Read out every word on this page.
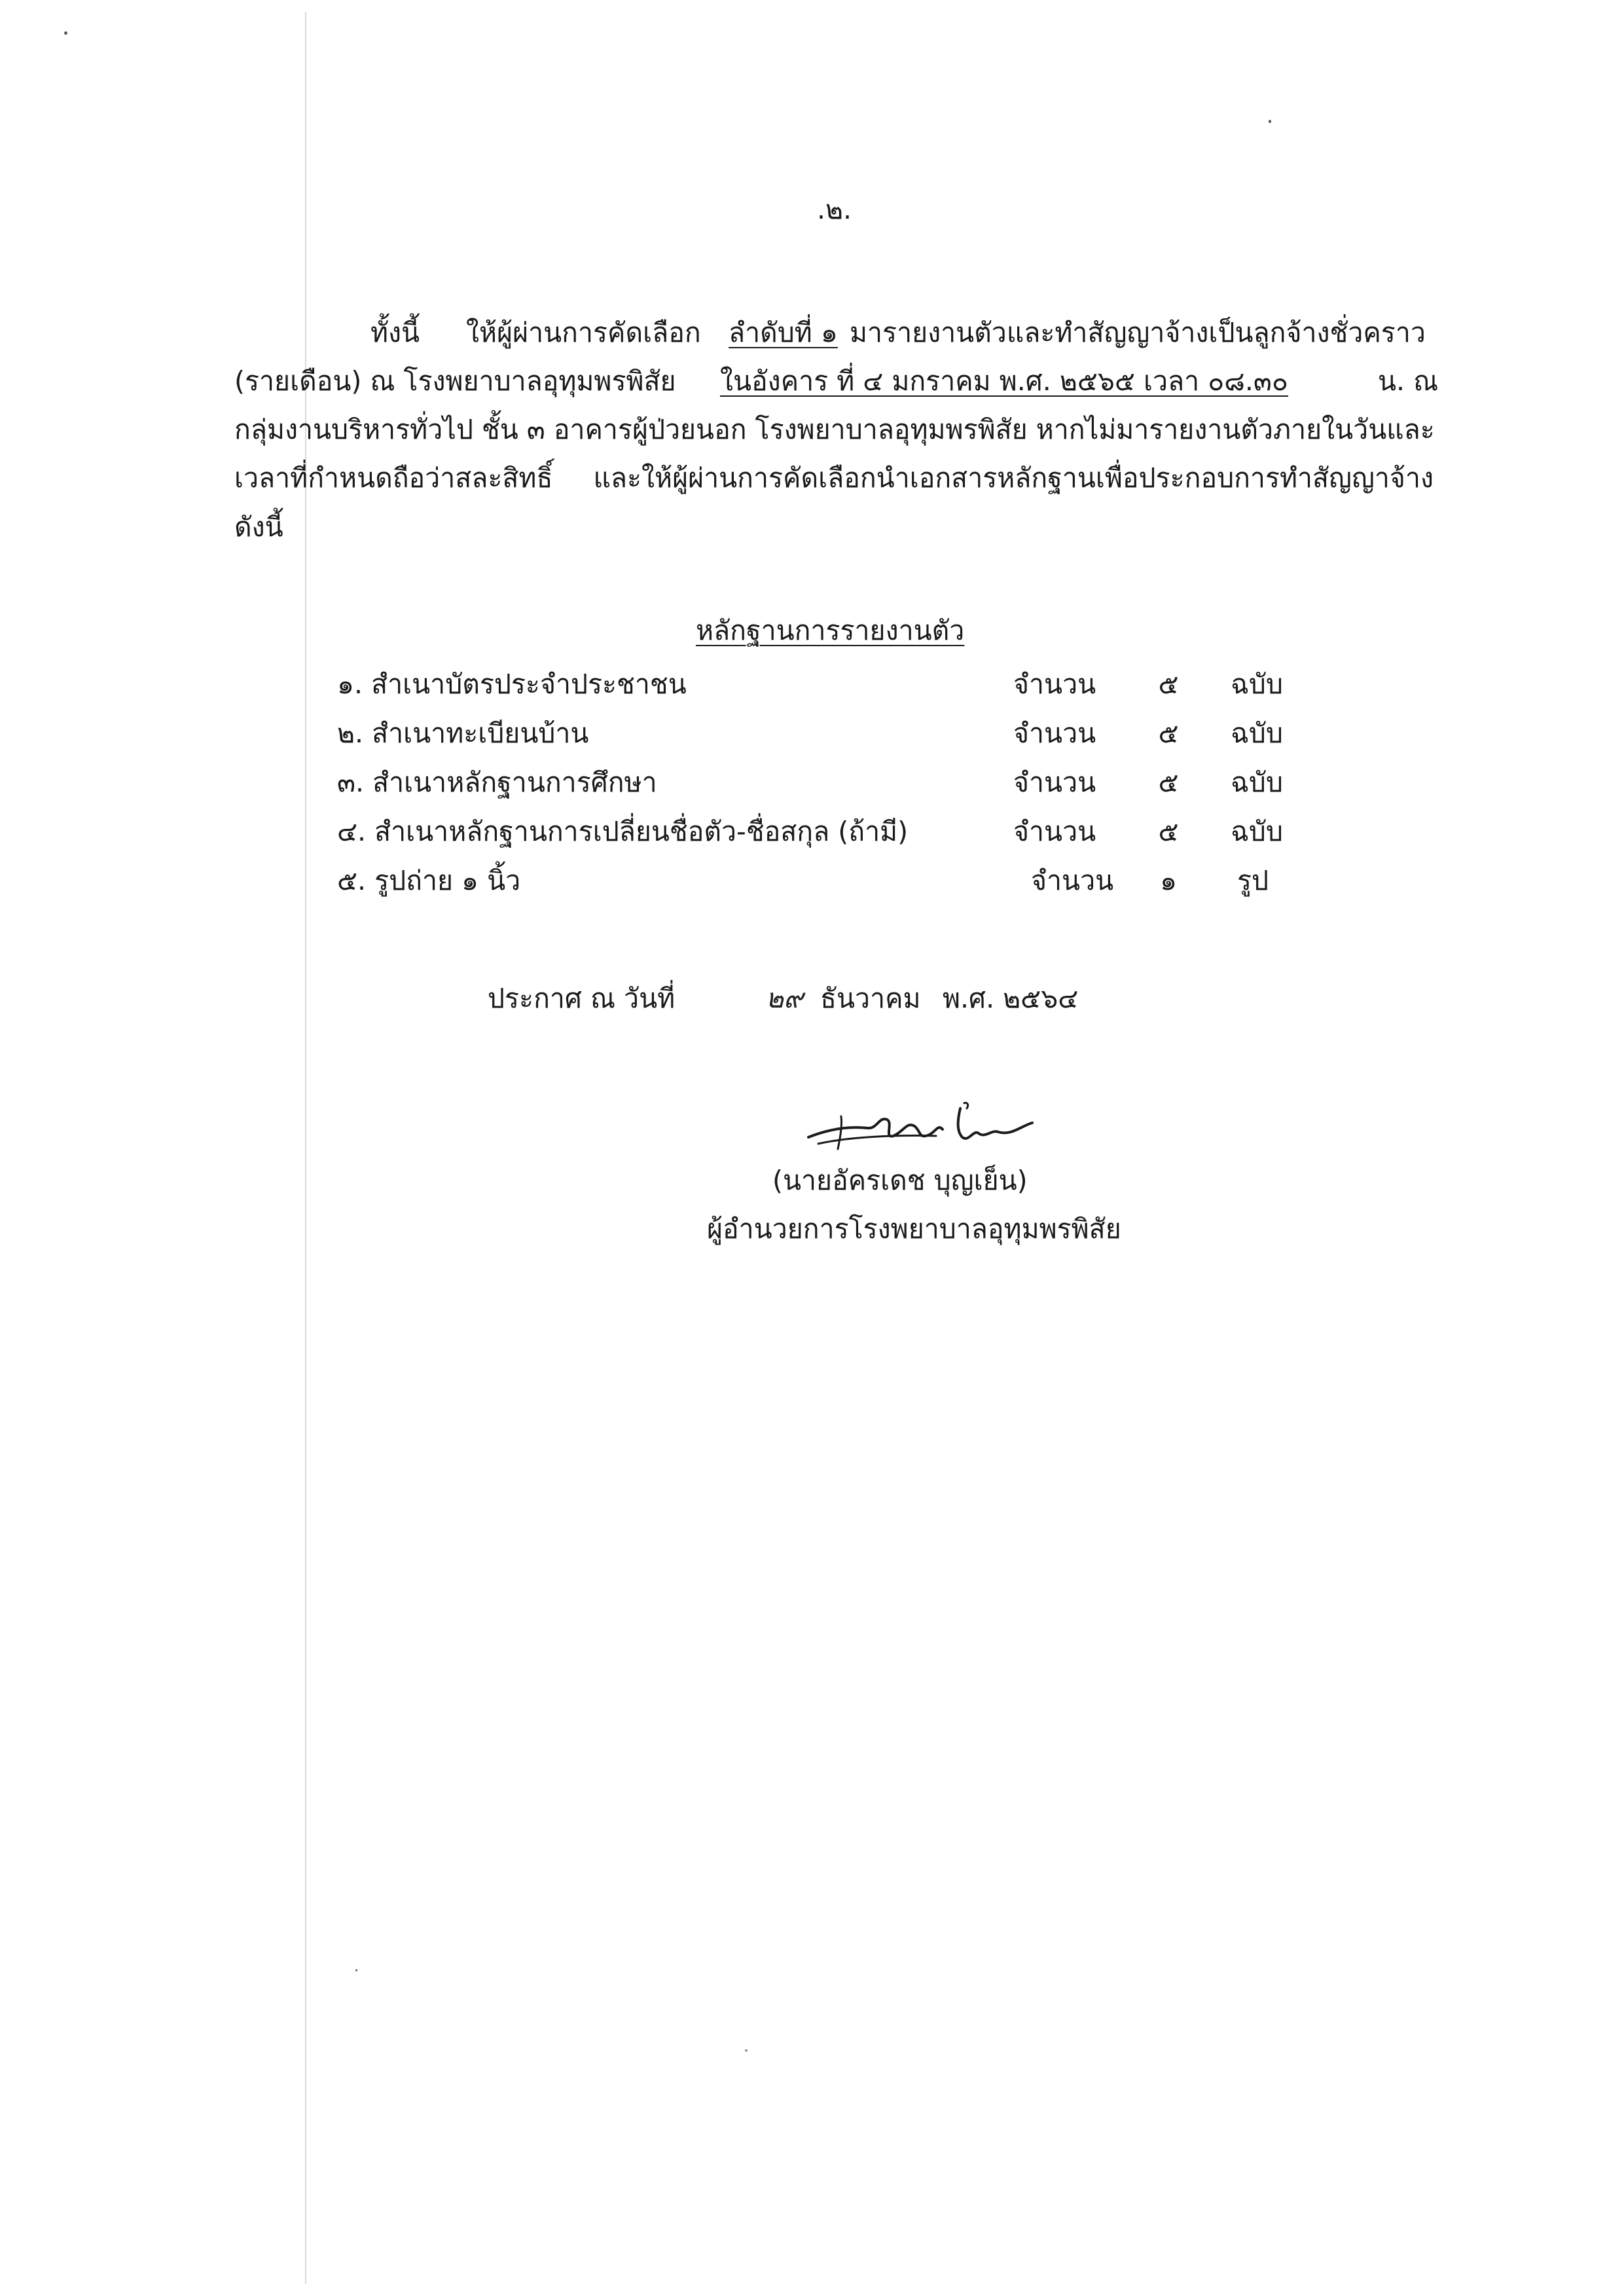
.๒.
ทั้งนี้ ให้ผู้ผ่านการคัดเลือก ลำดับที่ ๑ มารายงานตัวและทำสัญญาจ้างเป็นลูกจ้างชั่วคราว
(รายเดือน) ณ โรงพยาบาลอุทุมพรพิสัย ในอังคาร ที่ ๔ มกราคม พ.ศ. ๒๕๖๕ เวลา ๐๘.๓๐	น. ณ
กลุ่มงานบริหารทั่วไป ชั้น ๓ อาคารผู้ป่วยนอก โรงพยาบาลอุทุมพรพิสัย หากไม่มารายงานตัวภายในวันและ
เวลาที่กำหนดถือว่าสละสิทธิ์ และให้ผู้ผ่านการคัดเลือกนำเอกสารหลักฐานเพื่อประกอบการทำสัญญาจ้าง
ดังนี้
หลักฐานการรายงานตัว
๑. สำเนาบัตรประจำประชาชน	จำนวน	๕	ฉบับ
๒. สำเนาทะเบียนบ้าน	จำนวน	๕	ฉบับ
๓. สำเนาหลักฐานการศึกษา	จำนวน	๕	ฉบับ
๔. สำเนาหลักฐานการเปลี่ยนชื่อตัว-ชื่อสกุล (ถ้ามี)	จำนวน	๕	ฉบับ
๕. รูปถ่าย ๑ นิ้ว	จำนวน	๑	รูป
ประกาศ ณ วันที่	๒๙ ธันวาคม พ.ศ. ๒๕๖๔
(นายอัครเดช บุญเย็น)
ผู้อำนวยการโรงพยาบาลอุทุมพรพิสัย
